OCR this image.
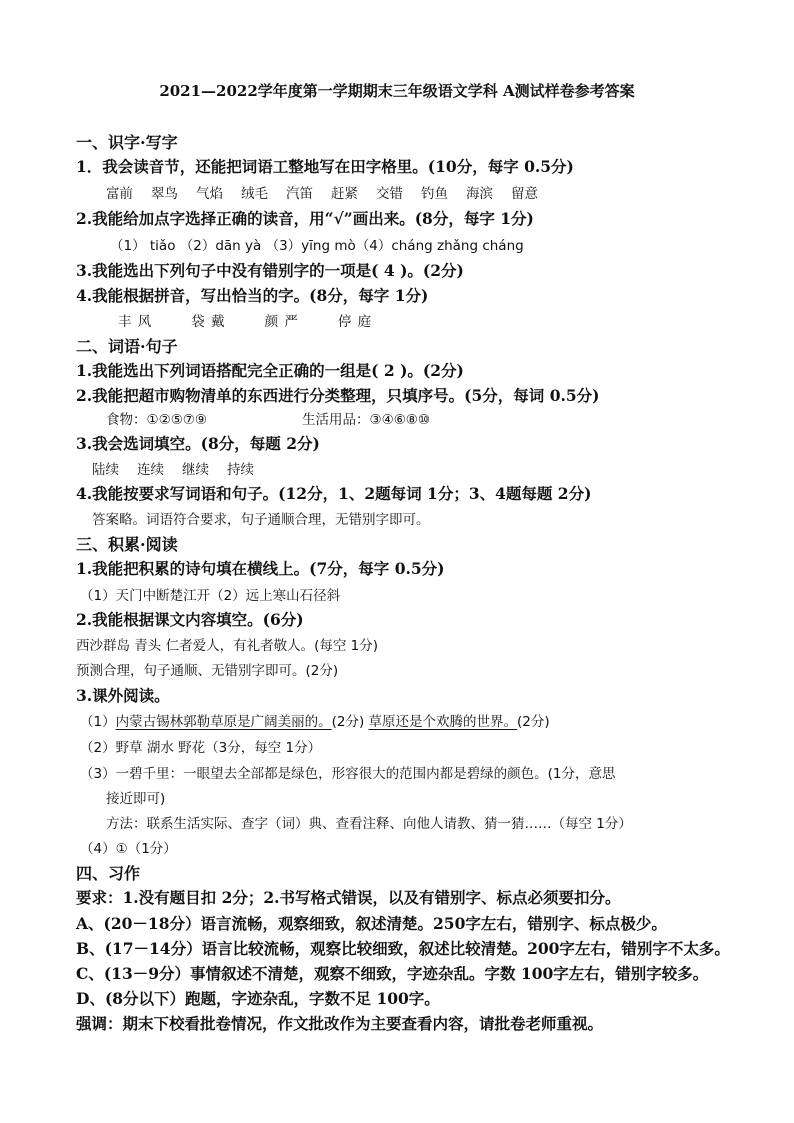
2021—2022学年度第一学期期末三年级语文学科 A测试样卷参考答案
一、识字·写字
1．我会读音节，还能把词语工整地写在田字格里。(10分，每字 0.5分)
富前 翠鸟 气焰 绒毛 汽笛 赶紧 交错 钓鱼 海滨 留意
2.我能给加点字选择正确的读音，用“√”画出来。(8分，每字 1分)
（1） tiǎo （2）dān yà （3）yīng mò（4）cháng zhǎng cháng
3.我能选出下列句子中没有错别字的一项是( 4 )。(2分)
4.我能根据拼音，写出恰当的字。(8分，每字 1分)
丰 风	袋 戴	颜 严	停 庭
二、词语·句子
1.我能选出下列词语搭配完全正确的一组是( 2 )。(2分)
2.我能把超市购物清单的东西进行分类整理，只填序号。(5分，每词 0.5分)
食物：①②⑤⑦⑨	生活用品：③④⑥⑧⑩
3.我会选词填空。(8分，每题 2分)
陆续 连续 继续 持续
4.我能按要求写词语和句子。(12分，1、2题每词 1分；3、4题每题 2分)
答案略。词语符合要求，句子通顺合理，无错别字即可。
三、积累·阅读
1.我能把积累的诗句填在横线上。(7分，每字 0.5分)
（1）天门中断楚江开（2）远上寒山石径斜
2.我能根据课文内容填空。(6分)
西沙群岛 青头 仁者爱人，有礼者敬人。(每空 1分)
预测合理，句子通顺、无错别字即可。(2分)
3.课外阅读。
（1）内蒙古锡林郭勒草原是广阔美丽的。(2分) 草原还是个欢腾的世界。(2分)
（2）野草 湖水 野花（3分，每空 1分）
（3）一碧千里：一眼望去全部都是绿色，形容很大的范围内都是碧绿的颜色。(1分，意思
接近即可)
方法：联系生活实际、查字（词）典、查看注释、向他人请教、猜一猜……（每空 1分）
（4）①（1分）
四、习作
要求：1.没有题目扣 2分；2.书写格式错误，以及有错别字、标点必须要扣分。
A、(20－18分）语言流畅，观察细致，叙述清楚。250字左右，错别字、标点极少。
B、(17－14分）语言比较流畅，观察比较细致，叙述比较清楚。200字左右，错别字不太多。
C、(13－9分）事情叙述不清楚，观察不细致，字迹杂乱。字数 100字左右，错别字较多。
D、(8分以下）跑题，字迹杂乱，字数不足 100字。
强调：期末下校看批卷情况，作文批改作为主要查看内容，请批卷老师重视。
